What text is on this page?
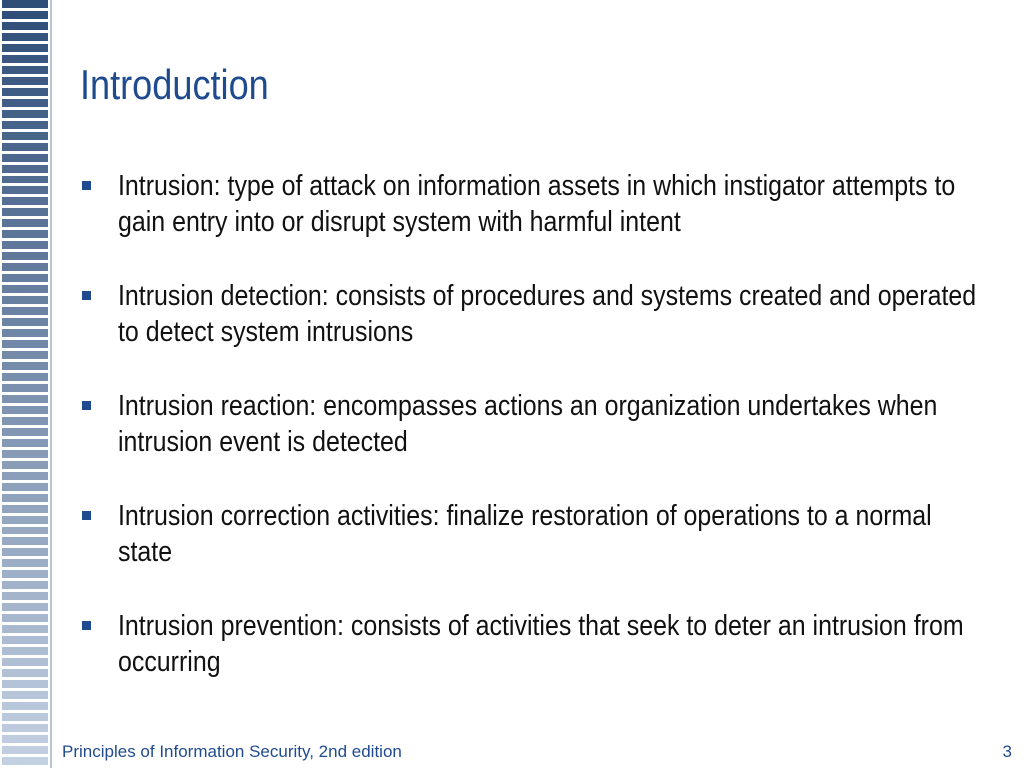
Introduction
Intrusion: type of attack on information assets in which instigator attempts to gain entry into or disrupt system with harmful intent
Intrusion detection: consists of procedures and systems created and operated to detect system intrusions
Intrusion reaction: encompasses actions an organization undertakes when intrusion event is detected
Intrusion correction activities: finalize restoration of operations to a normal state
Intrusion prevention: consists of activities that seek to deter an intrusion from occurring
Principles of Information Security, 2nd edition	3
